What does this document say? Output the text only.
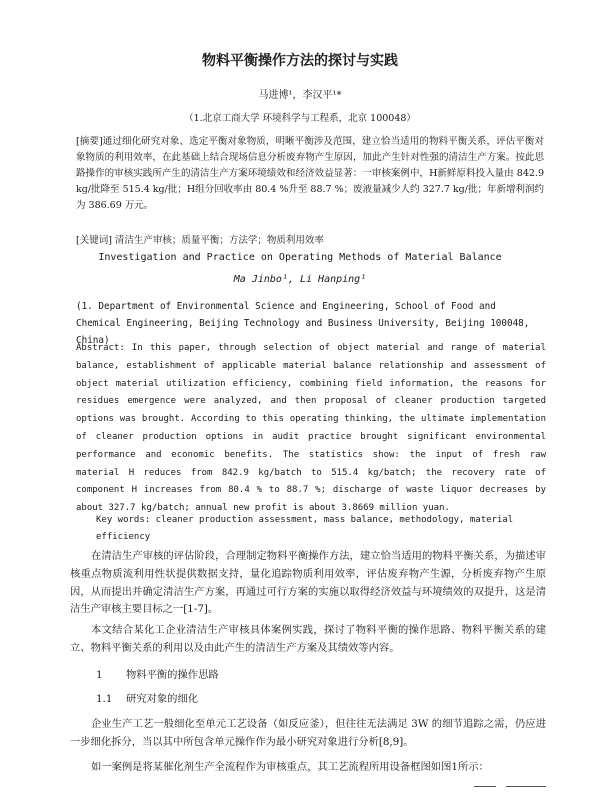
物料平衡操作方法的探讨与实践
马进博¹，李汉平¹*
（1.北京工商大学 环境科学与工程系，北京 100048）
[摘要]通过细化研究对象、选定平衡对象物质，明晰平衡涉及范围，建立恰当适用的物料平衡关系，评估平衡对象物质的利用效率，在此基础上结合现场信息分析废弃物产生原因，加此产生针对性强的清洁生产方案。按此思路操作的审核实践所产生的清洁生产方案环境绩效和经济效益显著：一审核案例中，H新鲜原料投入量由 842.9 kg/批降至 515.4 kg/批；H组分回收率由 80.4 %升至 88.7 %；废液量减少人约 327.7 kg/批；年新增利润约为 386.69 万元。
[关键词] 清洁生产审核；质量平衡；方法学；物质利用效率
Investigation and Practice on Operating Methods of Material Balance
Ma Jinbo¹, Li Hanping¹
(1. Department of Environmental Science and Engineering, School of Food and Chemical Engineering, Beijing Technology and Business University, Beijing 100048, China)
Abstract: In this paper, through selection of object material and range of material balance, establishment of applicable material balance relationship and assessment of object material utilization efficiency, combining field information, the reasons for residues emergence were analyzed, and then proposal of cleaner production targeted options was brought. According to this operating thinking, the ultimate implementation of cleaner production options in audit practice brought significant environmental performance and economic benefits. The statistics show: the input of fresh raw material H reduces from 842.9 kg/batch to 515.4 kg/batch; the recovery rate of component H increases from 80.4 % to 88.7 %; discharge of waste liquor decreases by about 327.7 kg/batch; annual new profit is about 3.8669 million yuan.
Key words: cleaner production assessment, mass balance, methodology, material efficiency
在清洁生产审核的评估阶段，合理制定物料平衡操作方法，建立恰当适用的物料平衡关系，为描述审核重点物质流利用性状提供数据支持，量化追踪物质利用效率，评估废弃物产生源，分析废弃物产生原因，从而提出并确定清洁生产方案，再通过可行方案的实施以取得经济效益与环境绩效的双提升，这是清洁生产审核主要目标之一[1-7]。
本文结合某化工企业清洁生产审核具体案例实践，探讨了物料平衡的操作思路、物料平衡关系的建立、物料平衡关系的利用以及由此产生的清洁生产方案及其绩效等内容。
1 物料平衡的操作思路
1.1 研究对象的细化
企业生产工艺一般细化至单元工艺设备（如反应釜），但往往无法满足 3W 的细节追踪之需，仍应进一步细化拆分，当以其中所包含单元操作作为最小研究对象进行分析[8,9]。
如一案例是将某催化剂生产全流程作为审核重点，其工艺流程所用设备框图如图1所示：
